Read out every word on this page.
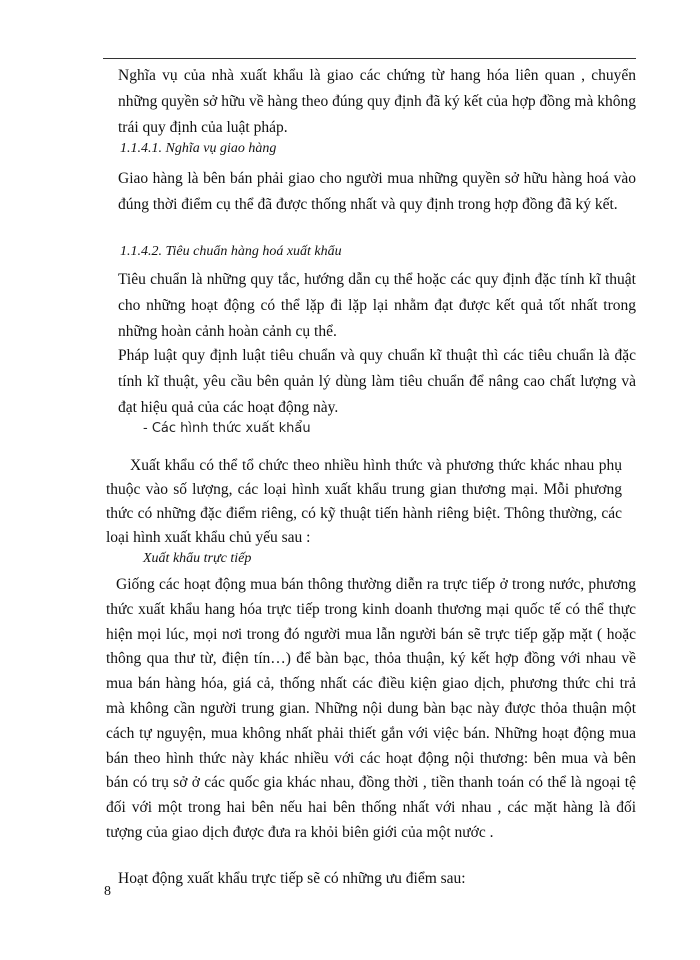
Nghĩa vụ của nhà xuất khẩu là giao các chứng từ hang hóa liên quan , chuyển những quyền sở hữu về hàng theo đúng quy định đã ký kết của hợp đồng mà không trái quy định của luật pháp.

1.1.4.1. Nghĩa vụ giao hàng

Giao hàng là bên bán phải giao cho người mua những quyền sở hữu hàng hoá vào đúng thời điểm cụ thể đã được thống nhất và quy định trong hợp đồng đã ký kết.

1.1.4.2. Tiêu chuẩn hàng hoá xuất khẩu

Tiêu chuẩn là những quy tắc, hướng dẫn cụ thể hoặc các quy định đặc tính kĩ thuật cho những hoạt động có thể lặp đi lặp lại nhằm đạt được kết quả tốt nhất trong những hoàn cảnh hoàn cảnh cụ thể.

Pháp luật quy định luật tiêu chuẩn và quy chuẩn kĩ thuật thì các tiêu chuẩn là đặc tính kĩ thuật, yêu cầu bên quản lý dùng làm tiêu chuẩn để nâng cao chất lượng và đạt hiệu quả của các hoạt động này.

- Các hình thức xuất khẩu

Xuất khẩu có thể tổ chức theo nhiều hình thức và phương thức khác nhau phụ thuộc vào số lượng, các loại hình xuất khẩu trung gian thương mại. Mỗi phương thức có những đặc điểm riêng, có kỹ thuật tiến hành riêng biệt. Thông thường, các loại hình xuất khẩu chủ yếu sau :

Xuất khẩu trực tiếp

Giống các hoạt động mua bán thông thường diễn ra trực tiếp ở trong nước, phương thức xuất khẩu hang hóa trực tiếp trong kinh doanh thương mại quốc tế có thể thực hiện mọi lúc, mọi nơi trong đó người mua lẫn người bán sẽ trực tiếp gặp mặt ( hoặc thông qua thư từ, điện tín…) để bàn bạc, thỏa thuận, ký kết hợp đồng với nhau về mua bán hàng hóa, giá cả, thống nhất các điều kiện giao dịch, phương thức chi trả mà không cần người trung gian. Những nội dung bàn bạc này được thỏa thuận một cách tự nguyện, mua không nhất phải thiết gắn với việc bán. Những hoạt động mua bán theo hình thức này khác nhiều với các hoạt động nội thương: bên mua và bên bán có trụ sở ở các quốc gia khác nhau, đồng thời , tiền thanh toán có thể là ngoại tệ đối với một trong hai bên nếu hai bên thống nhất với nhau , các mặt hàng là đối tượng của giao dịch được đưa ra khỏi biên giới của một nước .

Hoạt động xuất khẩu trực tiếp sẽ có những ưu điểm sau:

8
